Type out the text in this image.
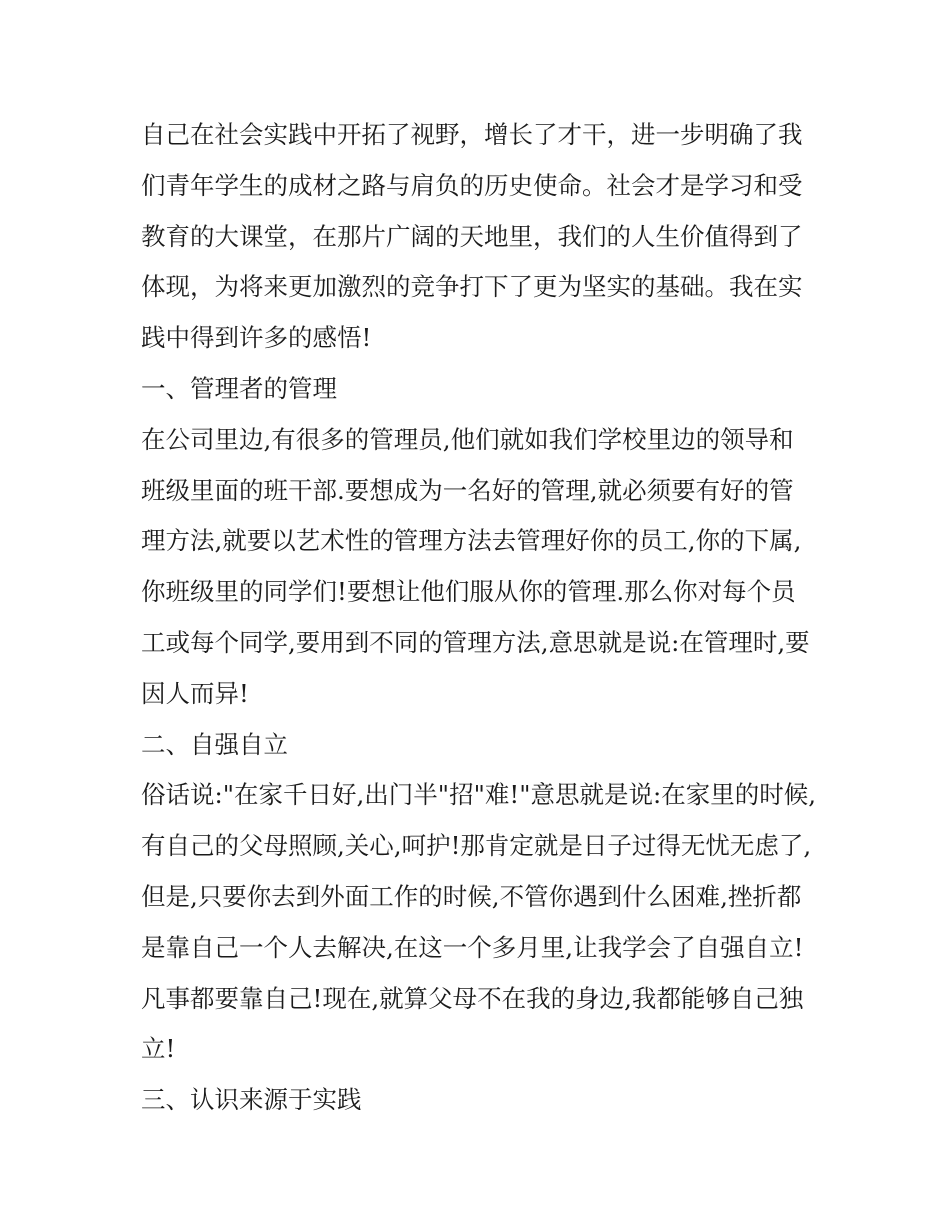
自己在社会实践中开拓了视野，增长了才干，进一步明确了我
们青年学生的成材之路与肩负的历史使命。社会才是学习和受
教育的大课堂，在那片广阔的天地里，我们的人生价值得到了
体现，为将来更加激烈的竞争打下了更为坚实的基础。我在实
践中得到许多的感悟!
一、管理者的管理
在公司里边,有很多的管理员,他们就如我们学校里边的领导和
班级里面的班干部.要想成为一名好的管理,就必须要有好的管
理方法,就要以艺术性的管理方法去管理好你的员工,你的下属,
你班级里的同学们!要想让他们服从你的管理.那么你对每个员
工或每个同学,要用到不同的管理方法,意思就是说:在管理时,要
因人而异!
二、自强自立
俗话说:"在家千日好,出门半"招"难!"意思就是说:在家里的时候,
有自己的父母照顾,关心,呵护!那肯定就是日子过得无忧无虑了,
但是,只要你去到外面工作的时候,不管你遇到什么困难,挫折都
是靠自己一个人去解决,在这一个多月里,让我学会了自强自立!
凡事都要靠自己!现在,就算父母不在我的身边,我都能够自己独
立!
三、认识来源于实践
